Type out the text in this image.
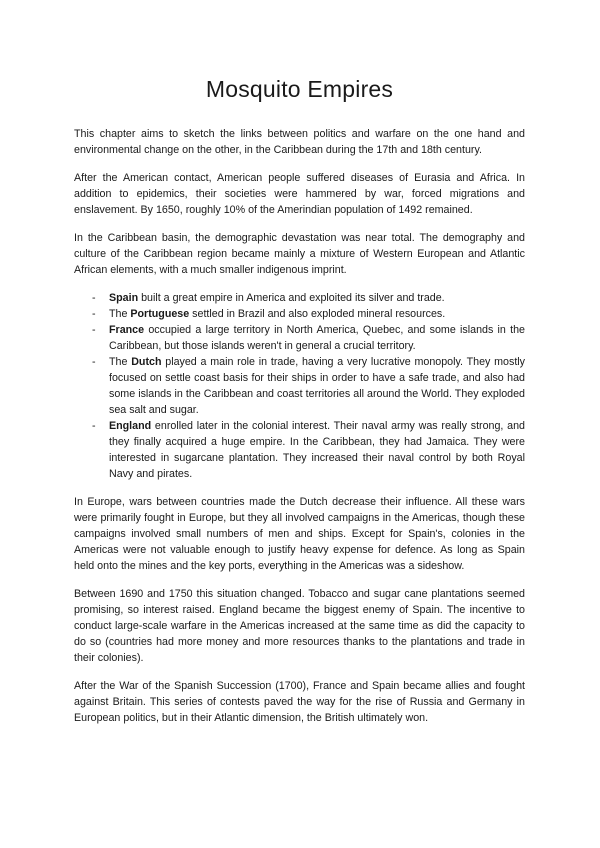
Mosquito Empires

This chapter aims to sketch the links between politics and warfare on the one hand and environmental change on the other, in the Caribbean during the 17th and 18th century.

After the American contact, American people suffered diseases of Eurasia and Africa. In addition to epidemics, their societies were hammered by war, forced migrations and enslavement. By 1650, roughly 10% of the Amerindian population of 1492 remained.

In the Caribbean basin, the demographic devastation was near total. The demography and culture of the Caribbean region became mainly a mixture of Western European and Atlantic African elements, with a much smaller indigenous imprint.

- Spain built a great empire in America and exploited its silver and trade.
- The Portuguese settled in Brazil and also exploded mineral resources.
- France occupied a large territory in North America, Quebec, and some islands in the Caribbean, but those islands weren't in general a crucial territory.
- The Dutch played a main role in trade, having a very lucrative monopoly. They mostly focused on settle coast basis for their ships in order to have a safe trade, and also had some islands in the Caribbean and coast territories all around the World. They exploded sea salt and sugar.
- England enrolled later in the colonial interest. Their naval army was really strong, and they finally acquired a huge empire. In the Caribbean, they had Jamaica. They were interested in sugarcane plantation. They increased their naval control by both Royal Navy and pirates.

In Europe, wars between countries made the Dutch decrease their influence. All these wars were primarily fought in Europe, but they all involved campaigns in the Americas, though these campaigns involved small numbers of men and ships. Except for Spain's, colonies in the Americas were not valuable enough to justify heavy expense for defence. As long as Spain held onto the mines and the key ports, everything in the Americas was a sideshow.

Between 1690 and 1750 this situation changed. Tobacco and sugar cane plantations seemed promising, so interest raised. England became the biggest enemy of Spain. The incentive to conduct large-scale warfare in the Americas increased at the same time as did the capacity to do so (countries had more money and more resources thanks to the plantations and trade in their colonies).

After the War of the Spanish Succession (1700), France and Spain became allies and fought against Britain. This series of contests paved the way for the rise of Russia and Germany in European politics, but in their Atlantic dimension, the British ultimately won.
